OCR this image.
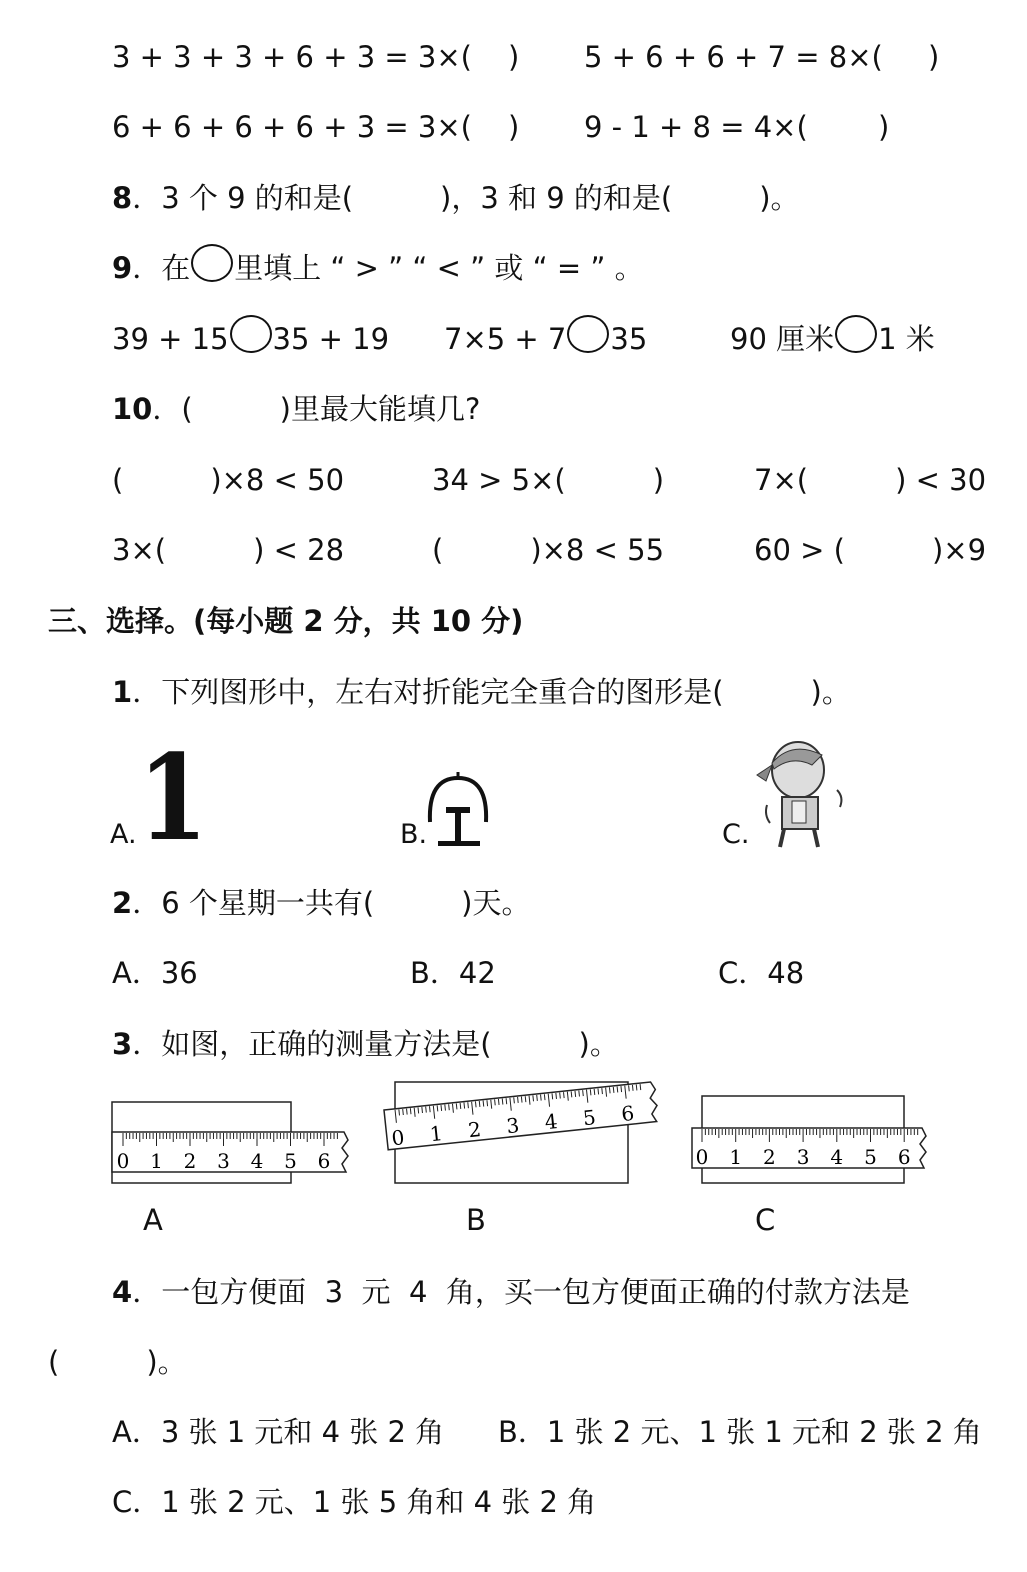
3 + 3 + 3 + 6 + 3 = 3×( ) 5 + 6 + 6 + 7 = 8×( )
6 + 6 + 6 + 6 + 3 = 3×( ) 9 - 1 + 8 = 4×( )
8．3 个 9 的和是(　　　)，3 和 9 的和是(　　　)。
9．在 里填上 “ > ” “ < ” 或 “ = ” 。
39 + 15 35 + 19 7×5 + 7 35	90 厘米 1 米
10．(　　　)里最大能填几?
(　　　)×8 < 50	34 > 5×(　　　)	7×(　　　) < 30
3×(　　　) < 28	(　　　)×8 < 55	60 > (　　　)×9
三、选择。(每小题 2 分，共 10 分)
1．下列图形中，左右对折能完全重合的图形是(　　　)。
A. 1	B.	C.
2．6 个星期一共有(　　　)天。
A．36	B．42	C．48
3．如图，正确的测量方法是(　　　)。
0 1 2 3 4 5 6
0 1 2 3 4 5 6
0 1 2 3 4 5 6
A	B	C
4．一包方便面  3  元  4  角，买一包方便面正确的付款方法是
(　　　)。
A．3 张 1 元和 4 张 2 角 B．1 张 2 元、1 张 1 元和 2 张 2 角
C．1 张 2 元、1 张 5 角和 4 张 2 角
